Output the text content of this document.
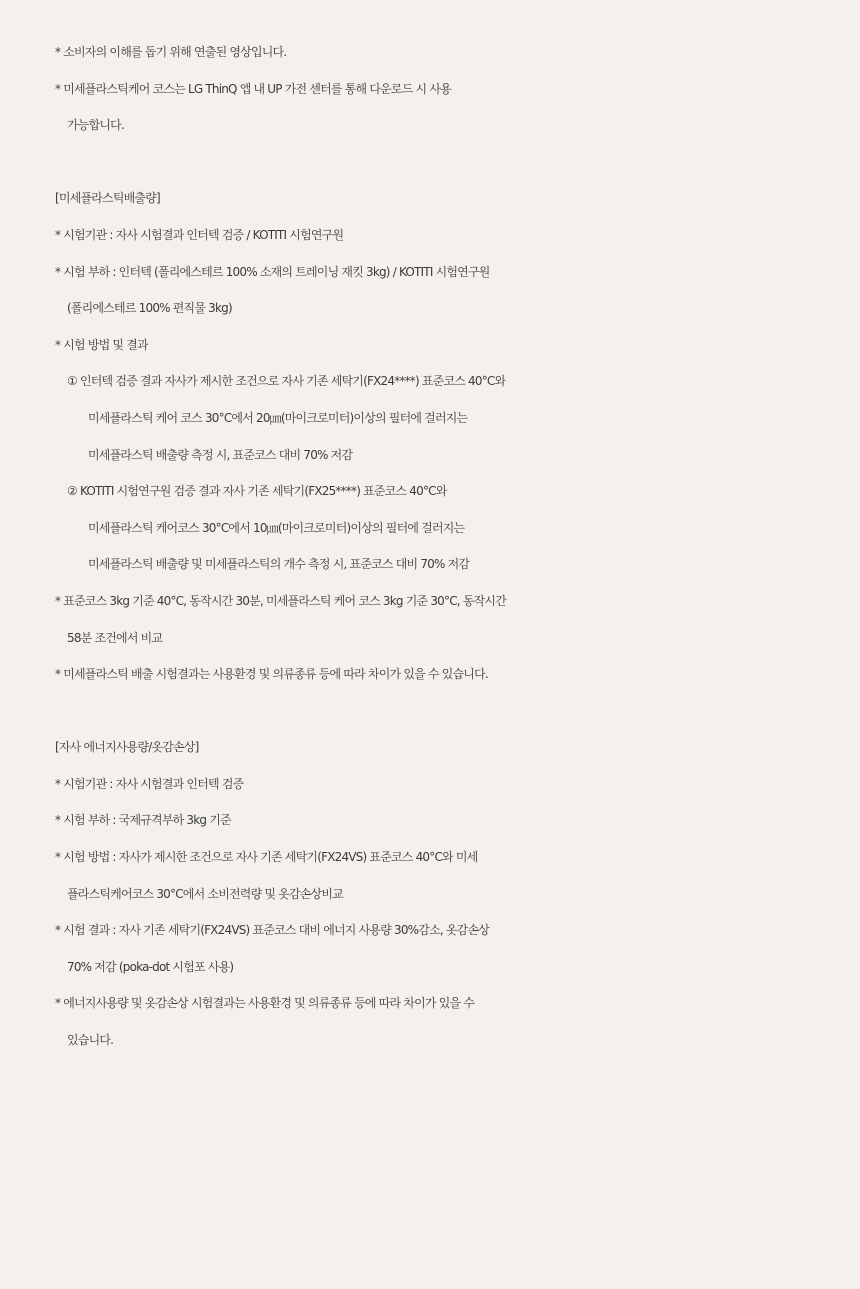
* 소비자의 이해를 돕기 위해 연출된 영상입니다.
* 미세플라스틱케어 코스는 LG ThinQ 앱 내 UP 가전 센터를 통해 다운로드 시 사용
가능합니다.
[미세플라스틱배출량]
* 시험기관 : 자사 시험결과 인터텍 검증 / KOTITI 시험연구원
* 시험 부하 : 인터텍 (폴리에스테르 100% 소재의 트레이닝 재킷 3kg) / KOTITI 시험연구원
(폴리에스테르 100% 편직물 3kg)
* 시험 방법 및 결과
① 인터텍 검증 결과 자사가 제시한 조건으로 자사 기존 세탁기(FX24****) 표준코스 40°C와
미세플라스틱 케어 코스 30°C에서 20㎛(마이크로미터)이상의 필터에 걸러지는
미세플라스틱 배출량 측정 시, 표준코스 대비 70% 저감
② KOTITI 시험연구원 검증 결과 자사 기존 세탁기(FX25****) 표준코스 40°C와
미세플라스틱 케어코스 30°C에서 10㎛(마이크로미터)이상의 필터에 걸러지는
미세플라스틱 배출량 및 미세플라스틱의 개수 측정 시, 표준코스 대비 70% 저감
* 표준코스 3kg 기준 40°C, 동작시간 30분, 미세플라스틱 케어 코스 3kg 기준 30°C, 동작시간
58분 조건에서 비교
* 미세플라스틱 배출 시험결과는 사용환경 및 의류종류 등에 따라 차이가 있을 수 있습니다.
[자사 에너지사용량/옷감손상]
* 시험기관 : 자사 시험결과 인터텍 검증
* 시험 부하 : 국제규격부하 3kg 기준
* 시험 방법 : 자사가 제시한 조건으로 자사 기존 세탁기(FX24VS) 표준코스 40°C와 미세
플라스틱케어코스 30°C에서 소비전력량 및 옷감손상비교
* 시험 결과 : 자사 기존 세탁기(FX24VS) 표준코스 대비 에너지 사용량 30%감소, 옷감손상
70% 저감 (poka-dot 시험포 사용)
* 에너지사용량 및 옷감손상 시험결과는 사용환경 및 의류종류 등에 따라 차이가 있을 수
있습니다.
